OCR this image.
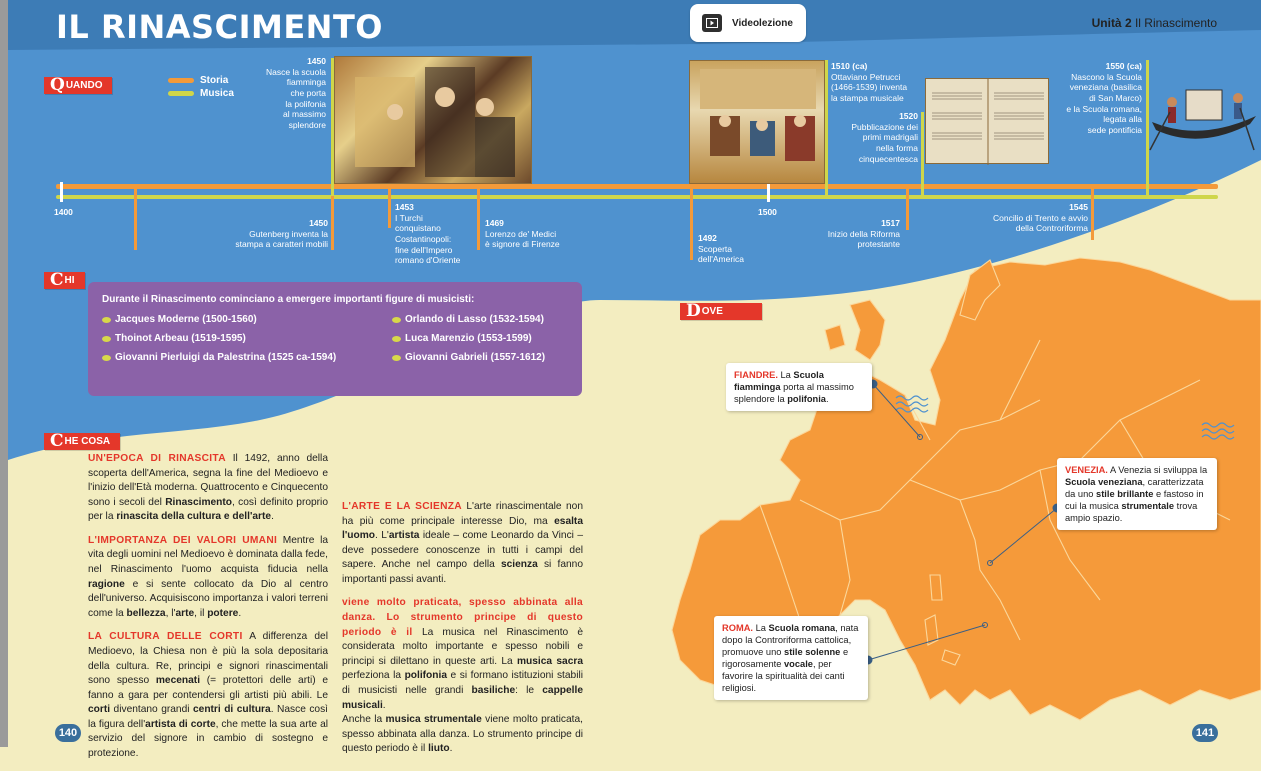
IL RINASCIMENTO	Videolezione	Unità 2 Il Rinascimento
Q UANDO
C HI
D OVE
C HE COSA
Storia
Musica
1400	1500
1450
Nasce la scuola
fiamminga
che porta
la polifonia
al massimo
splendore
1510 (ca)
Ottaviano Petrucci
(1466-1539) inventa
la stampa musicale
1520
Pubblicazione dei
primi madrigali
nella forma
cinquecentesca
1550 (ca)
Nascono la Scuola
veneziana (basilica
di San Marco)
e la Scuola romana,
legata alla
sede pontificia
1450
Gutenberg inventa la
stampa a caratteri mobili
1453
I Turchi
conquistano
Costantinopoli:
fine dell'Impero
romano d'Oriente
1469
Lorenzo de' Medici
è signore di Firenze
1492
Scoperta
dell'America
1517
Inizio della Riforma
protestante
1545
Concilio di Trento e avvio
della Controriforma
Durante il Rinascimento cominciano a emergere importanti figure di musicisti:
Jacques Moderne (1500-1560)	Orlando di Lasso (1532-1594)
Thoinot Arbeau (1519-1595)	Luca Marenzio (1553-1599)
Giovanni Pierluigi da Palestrina (1525 ca-1594)	Giovanni Gabrieli (1557-1612)

UN'EPOCA DI RINASCITA Il 1492, anno della scoperta dell'America, segna la fine del Medioevo e l'inizio dell'Età moderna. Quattrocento e Cinquecento sono i secoli del Rinascimento, così definito proprio per la rinascita della cultura e dell'arte.

L'IMPORTANZA DEI VALORI UMANI Mentre la vita degli uomini nel Medioevo è dominata dalla fede, nel Rinascimento l'uomo acquista fiducia nella ragione e si sente collocato da Dio al centro dell'universo. Acquisiscono importanza i valori terreni come la bellezza, l'arte, il potere.

LA CULTURA DELLE CORTI A differenza del Medioevo, la Chiesa non è più la sola depositaria della cultura. Re, principi e signori rinascimentali sono spesso mecenati (= protettori delle arti) e fanno a gara per contendersi gli artisti più abili. Le corti diventano grandi centri di cultura. Nasce così la figura dell'artista di corte, che mette la sua arte al servizio del signore in cambio di sostegno e protezione.

L'ARTE E LA SCIENZA L'arte rinascimentale non ha più come principale interesse Dio, ma esalta l'uomo. L'artista ideale – come Leonardo da Vinci – deve possedere conoscenze in tutti i campi del sapere. Anche nel campo della scienza si fanno importanti passi avanti.

viene molto praticata, spesso abbinata alla danza. Lo strumento principe di questo periodo è il La musica nel Rinascimento è considerata molto importante e spesso nobili e principi si dilettano in queste arti. La musica sacra perfeziona la polifonia e si formano istituzioni stabili di musicisti nelle grandi basiliche: le cappelle musicali.
Anche la musica strumentale viene molto praticata, spesso abbinata alla danza. Lo strumento principe di questo periodo è il liuto.

FIANDRE. La Scuola fiamminga porta al massimo splendore la polifonia.
VENEZIA. A Venezia si sviluppa la Scuola veneziana, caratterizzata da uno stile brillante e fastoso in cui la musica strumentale trova ampio spazio.
ROMA. La Scuola romana, nata dopo la Controriforma cattolica, promuove uno stile solenne e rigorosamente vocale, per favorire la spiritualità dei canti religiosi.
140	141
